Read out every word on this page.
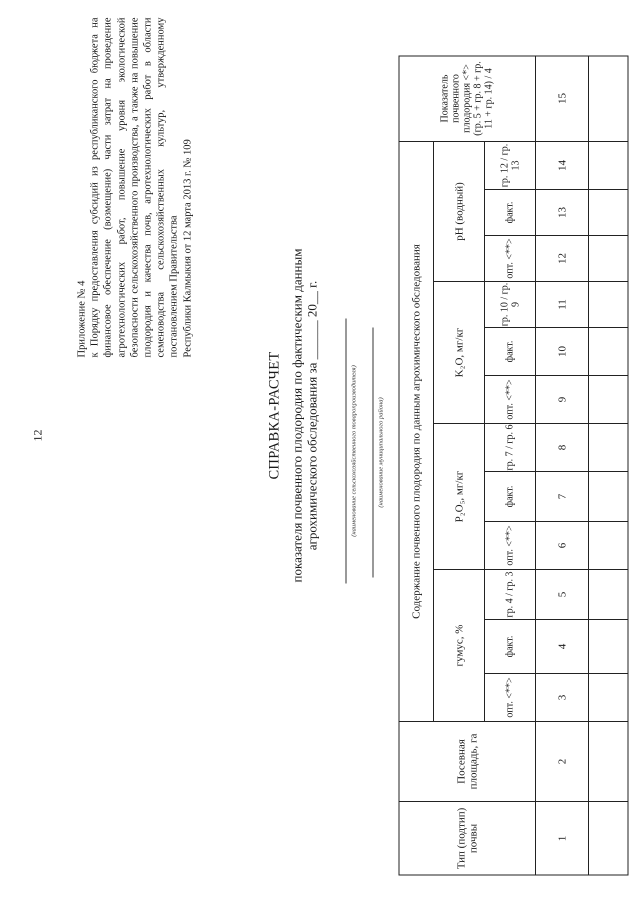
12
Приложение № 4 к Порядку предоставления субсидий из республиканского бюджета на финансовое обеспечение (возмещение) части затрат на проведение агротехнологических работ, повышение уровня экологической безопасности сельскохозяйственного производства, а также на повышение плодородия и качества почв, агротехнологических работ в области семеноводства сельскохозяйственных культур, утвержденному постановлением Правительства Республики Калмыкия от 12 марта 2013 г. № 109
СПРАВКА-РАСЧЕТ показателя почвенного плодородия по фактическим данным агрохимического обследования за ______ 20__ г.	(наименование сельскохозяйственного товаропроизводителя)	(наименование муниципального района)
Тип (подтип) почвы
Посевная площадь, га
Содержание почвенного плодородия по данным агрохимического обследования
Показатель почвенного плодородия <*> (гр. 5 + гр. 8 + гр. 11 + гр. 14) / 4
гумус, %
P₂O₅, мг/кг
K₂O, мг/кг
pH (водный)
опт. <**>
факт.
гр. 4 / гр. 3
опт. <**>
факт.
гр. 7 / гр. 6
опт. <**>
факт.
гр. 10 / гр. 9
опт. <**>
факт.
гр. 12 / гр. 13
1
2
3
4
5
6
7
8
9
10
11
12
13
14
15
